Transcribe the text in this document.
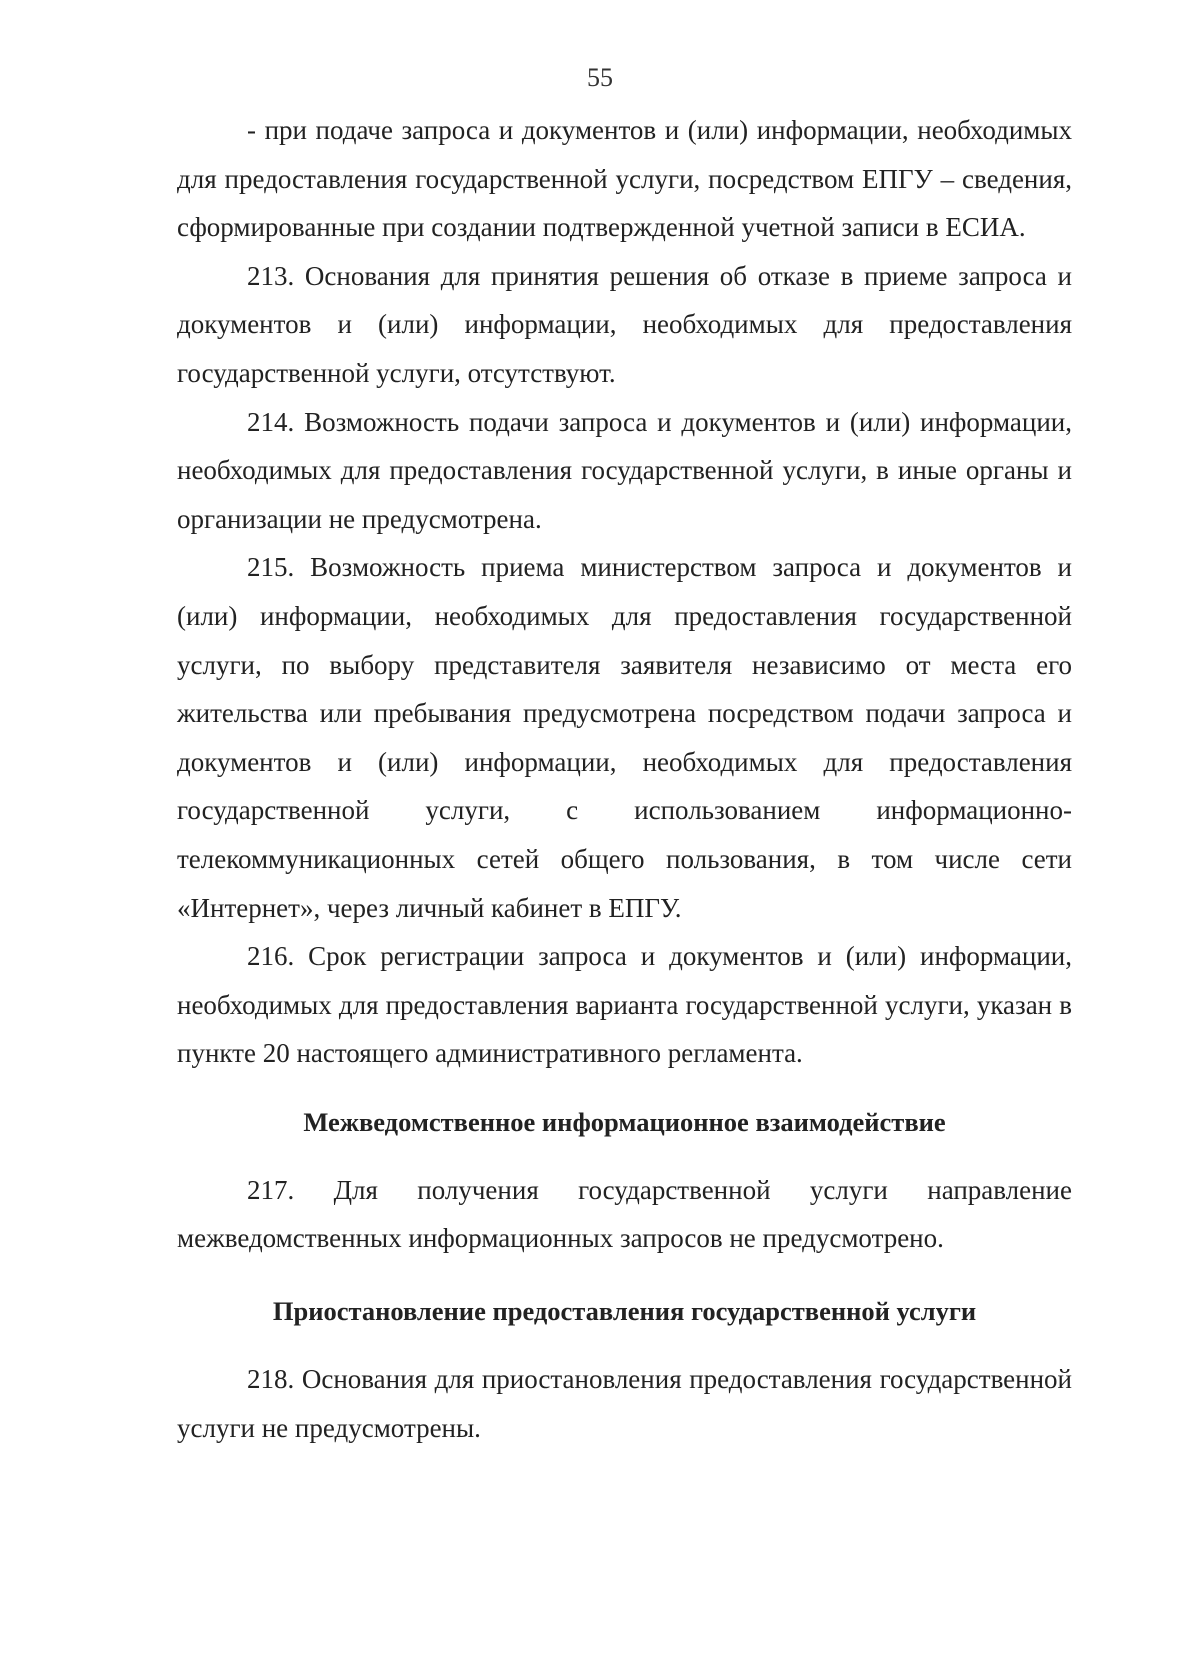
55

- при подаче запроса и документов и (или) информации, необходимых для предоставления государственной услуги, посредством ЕПГУ – сведения, сформированные при создании подтвержденной учетной записи в ЕСИА.

213. Основания для принятия решения об отказе в приеме запроса и документов и (или) информации, необходимых для предоставления государственной услуги, отсутствуют.

214. Возможность подачи запроса и документов и (или) информации, необходимых для предоставления государственной услуги, в иные органы и организации не предусмотрена.

215. Возможность приема министерством запроса и документов и (или) информации, необходимых для предоставления государственной услуги, по выбору представителя заявителя независимо от места его жительства или пребывания предусмотрена посредством подачи запроса и документов и (или) информации, необходимых для предоставления государственной услуги, с использованием информационно-телекоммуникационных сетей общего пользования, в том числе сети «Интернет», через личный кабинет в ЕПГУ.

216. Срок регистрации запроса и документов и (или) информации, необходимых для предоставления варианта государственной услуги, указан в пункте 20 настоящего административного регламента.

Межведомственное информационное взаимодействие

217. Для получения государственной услуги направление межведомственных информационных запросов не предусмотрено.

Приостановление предоставления государственной услуги

218. Основания для приостановления предоставления государственной услуги не предусмотрены.
